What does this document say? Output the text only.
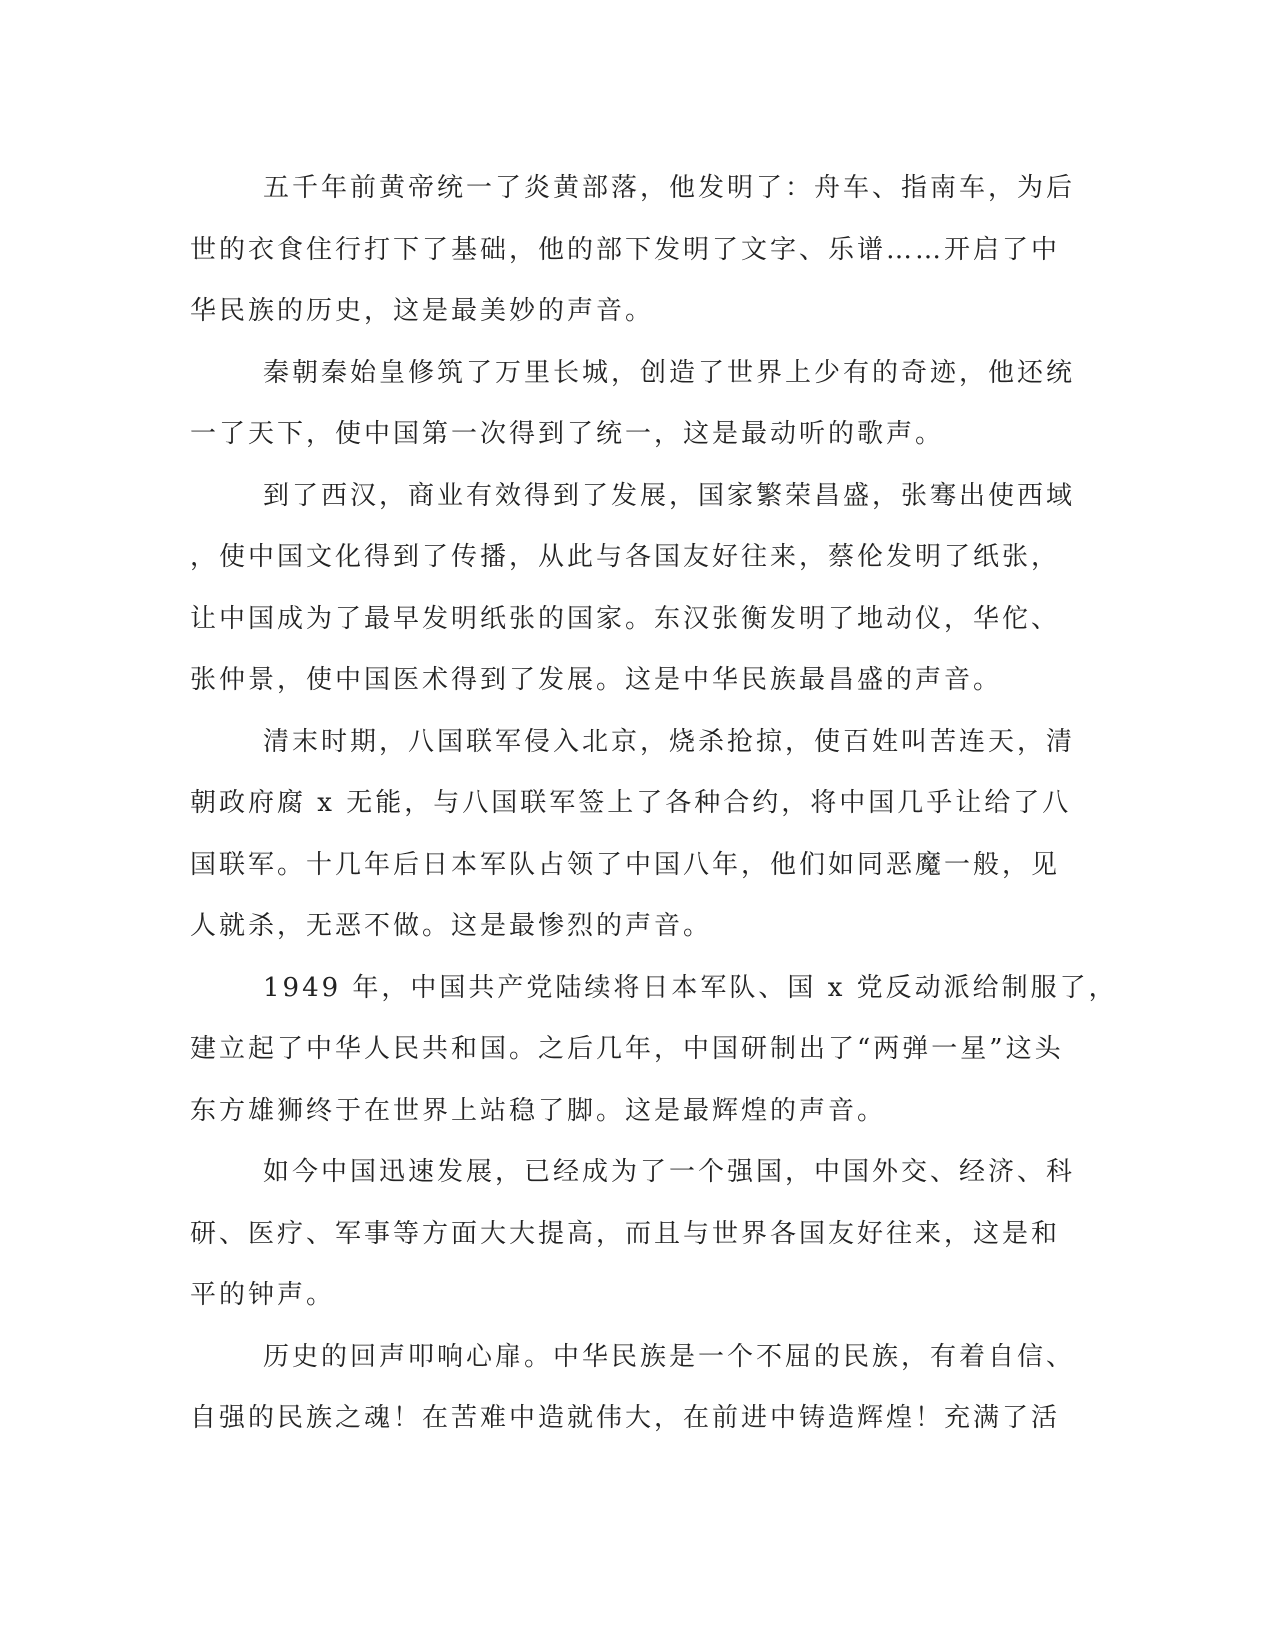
五千年前黄帝统一了炎黄部落，他发明了：舟车、指南车，为后
世的衣食住行打下了基础，他的部下发明了文字、乐谱……开启了中
华民族的历史，这是最美妙的声音。
秦朝秦始皇修筑了万里长城，创造了世界上少有的奇迹，他还统
一了天下，使中国第一次得到了统一，这是最动听的歌声。
到了西汉，商业有效得到了发展，国家繁荣昌盛，张骞出使西域
，使中国文化得到了传播，从此与各国友好往来，蔡伦发明了纸张，
让中国成为了最早发明纸张的国家。东汉张衡发明了地动仪，华佗、
张仲景，使中国医术得到了发展。这是中华民族最昌盛的声音。
清末时期，八国联军侵入北京，烧杀抢掠，使百姓叫苦连天，清
朝政府腐 x 无能，与八国联军签上了各种合约，将中国几乎让给了八
国联军。十几年后日本军队占领了中国八年，他们如同恶魔一般，见
人就杀，无恶不做。这是最惨烈的声音。
1949 年，中国共产党陆续将日本军队、国 x 党反动派给制服了，
建立起了中华人民共和国。之后几年，中国研制出了“两弹一星”这头
东方雄狮终于在世界上站稳了脚。这是最辉煌的声音。
如今中国迅速发展，已经成为了一个强国，中国外交、经济、科
研、医疗、军事等方面大大提高，而且与世界各国友好往来，这是和
平的钟声。
历史的回声叩响心扉。中华民族是一个不屈的民族，有着自信、
自强的民族之魂！在苦难中造就伟大，在前进中铸造辉煌！充满了活
